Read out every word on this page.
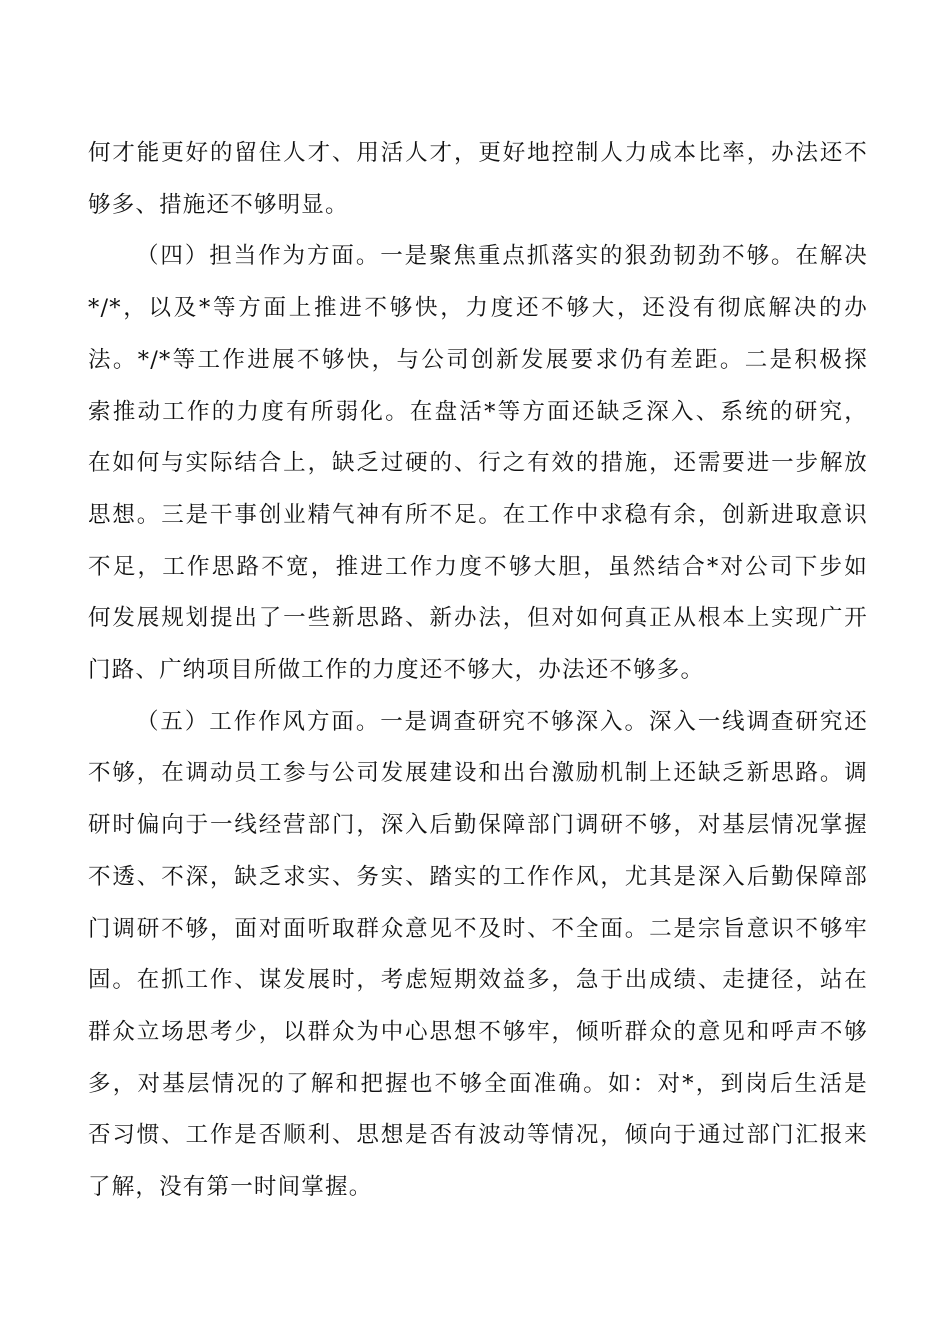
何才能更好的留住人才、用活人才，更好地控制人力成本比率，办法还不
够多、措施还不够明显。
（四）担当作为方面。一是聚焦重点抓落实的狠劲韧劲不够。在解决
*/*，以及*等方面上推进不够快，力度还不够大，还没有彻底解决的办
法。*/*等工作进展不够快，与公司创新发展要求仍有差距。二是积极探
索推动工作的力度有所弱化。在盘活*等方面还缺乏深入、系统的研究，
在如何与实际结合上，缺乏过硬的、行之有效的措施，还需要进一步解放
思想。三是干事创业精气神有所不足。在工作中求稳有余，创新进取意识
不足，工作思路不宽，推进工作力度不够大胆，虽然结合*对公司下步如
何发展规划提出了一些新思路、新办法，但对如何真正从根本上实现广开
门路、广纳项目所做工作的力度还不够大，办法还不够多。
（五）工作作风方面。一是调查研究不够深入。深入一线调查研究还
不够，在调动员工参与公司发展建设和出台激励机制上还缺乏新思路。调
研时偏向于一线经营部门，深入后勤保障部门调研不够，对基层情况掌握
不透、不深，缺乏求实、务实、踏实的工作作风，尤其是深入后勤保障部
门调研不够，面对面听取群众意见不及时、不全面。二是宗旨意识不够牢
固。在抓工作、谋发展时，考虑短期效益多，急于出成绩、走捷径，站在
群众立场思考少，以群众为中心思想不够牢，倾听群众的意见和呼声不够
多，对基层情况的了解和把握也不够全面准确。如：对*，到岗后生活是
否习惯、工作是否顺利、思想是否有波动等情况，倾向于通过部门汇报来
了解，没有第一时间掌握。
